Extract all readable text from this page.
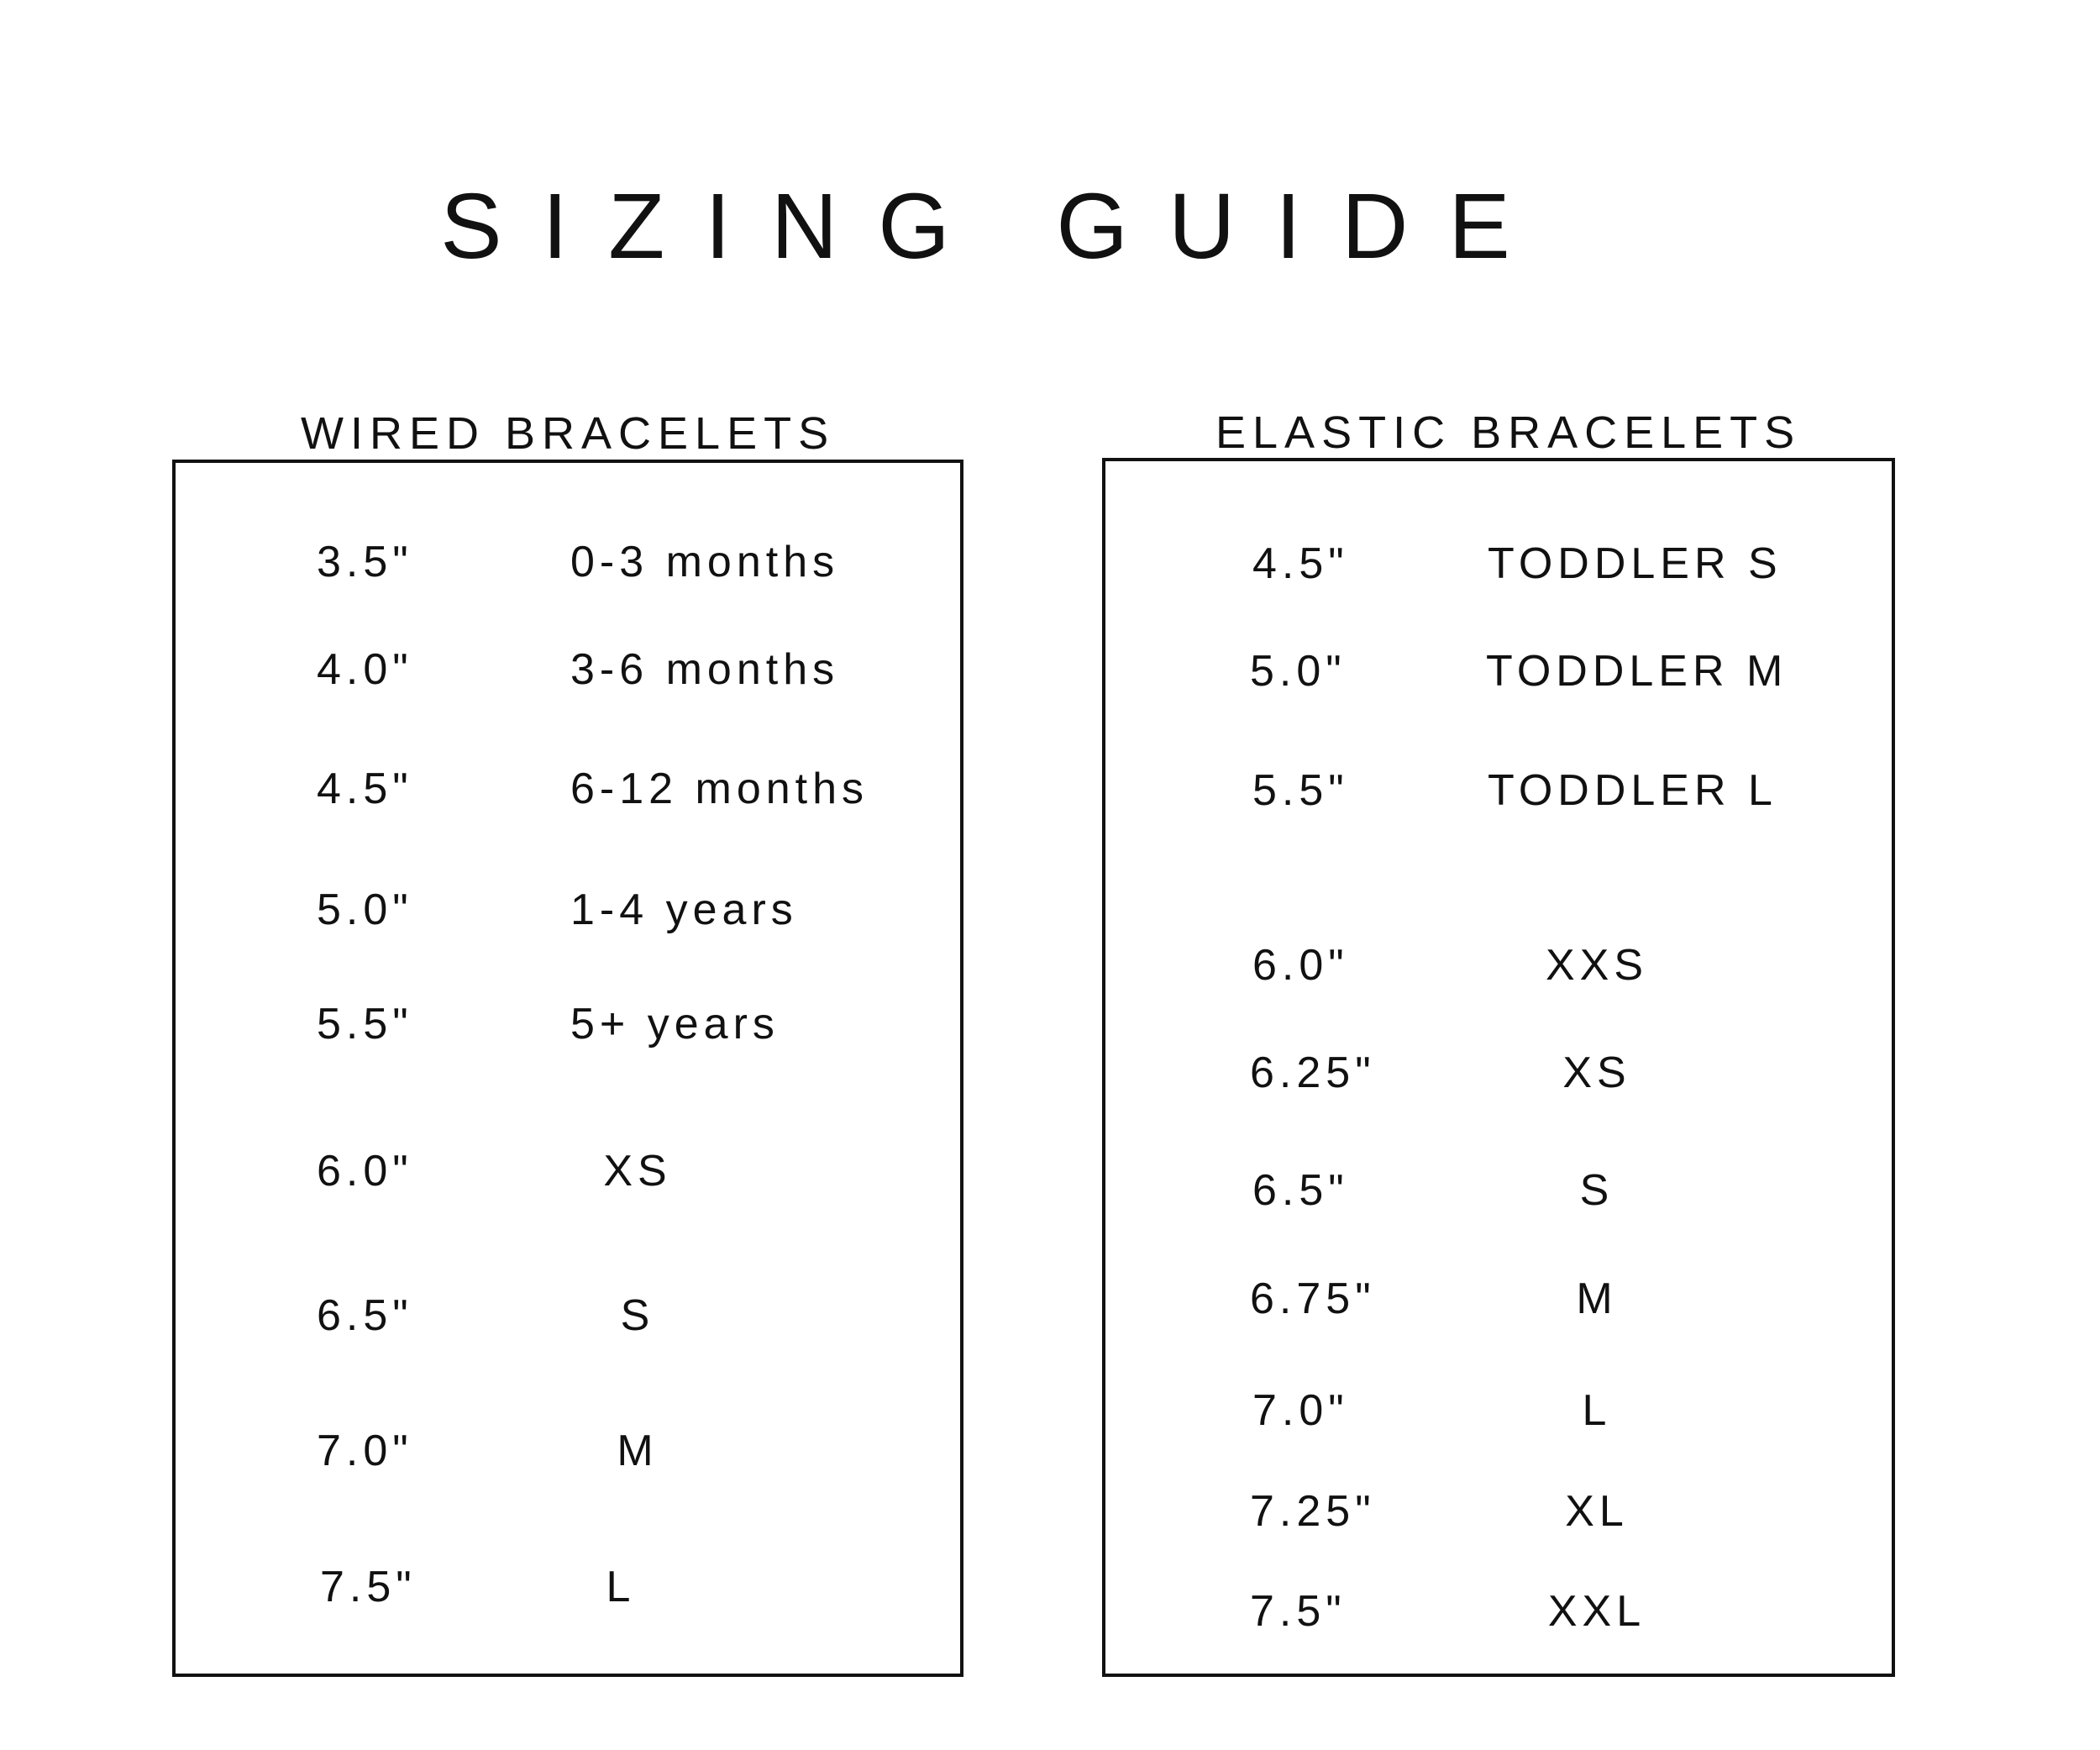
SIZING GUIDE
WIRED BRACELETS
3.5"	0-3 months
4.0"	3-6 months
4.5"	6-12 months
5.0"	1-4 years
5.5"	5+ years
6.0"	XS
6.5"	S
7.0"	M
7.5"	L
ELASTIC BRACELETS
4.5"	TODDLER S
5.0"	TODDLER M
5.5"	TODDLER L
6.0"	XXS
6.25"	XS
6.5"	S
6.75"	M
7.0"	L
7.25"	XL
7.5"	XXL
